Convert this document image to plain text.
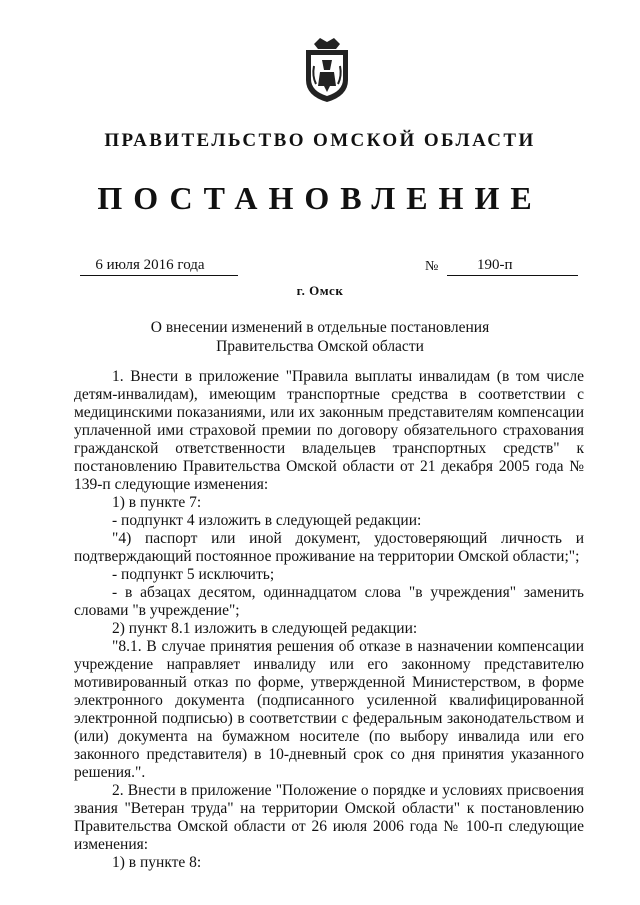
ПРАВИТЕЛЬСТВО ОМСКОЙ ОБЛАСТИ
ПОСТАНОВЛЕНИЕ
6 июля 2016 года	№	190-п
г. Омск
О внесении изменений в отдельные постановления
Правительства Омской области

1. Внести в приложение "Правила выплаты инвалидам (в том числе детям-инвалидам), имеющим транспортные средства в соответствии с медицинскими показаниями, или их законным представителям компенсации уплаченной ими страховой премии по договору обязательного страхования гражданской ответственности владельцев транспортных средств" к постановлению Правительства Омской области от 21 декабря 2005 года № 139-п следующие изменения:

1) в пункте 7:

- подпункт 4 изложить в следующей редакции:

"4) паспорт или иной документ, удостоверяющий личность и подтверждающий постоянное проживание на территории Омской области;";

- подпункт 5 исключить;

- в абзацах десятом, одиннадцатом слова "в учреждения" заменить словами "в учреждение";

2) пункт 8.1 изложить в следующей редакции:

"8.1. В случае принятия решения об отказе в назначении компенсации учреждение направляет инвалиду или его законному представителю мотивированный отказ по форме, утвержденной Министерством, в форме электронного документа (подписанного усиленной квалифицированной электронной подписью) в соответствии с федеральным законодательством и (или) документа на бумажном носителе (по выбору инвалида или его законного представителя) в 10-дневный срок со дня принятия указанного решения.".

2. Внести в приложение "Положение о порядке и условиях присвоения звания "Ветеран труда" на территории Омской области" к постановлению Правительства Омской области от 26 июля 2006 года № 100-п следующие изменения:

1) в пункте 8:
